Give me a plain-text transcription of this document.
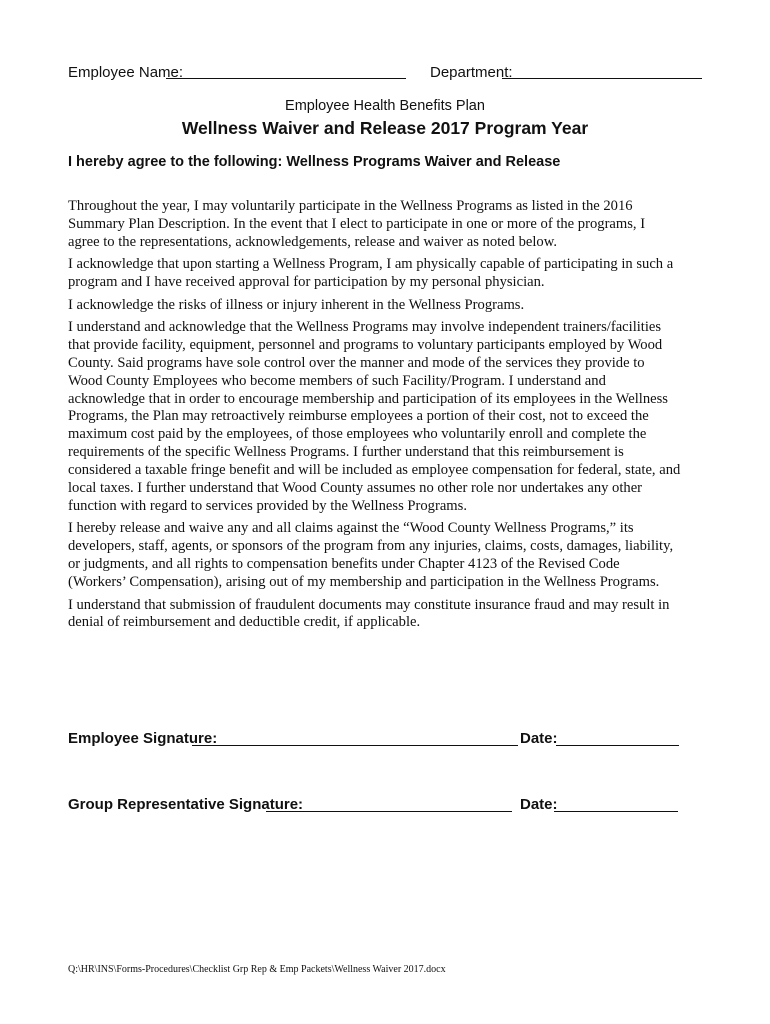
Employee Name:	Department:
Employee Health Benefits Plan
Wellness Waiver and Release 2017 Program Year
I hereby agree to the following: Wellness Programs Waiver and Release

Throughout the year, I may voluntarily participate in the Wellness Programs as listed in the 2016
Summary Plan Description. In the event that I elect to participate in one or more of the programs, I
agree to the representations, acknowledgements, release and waiver as noted below.

I acknowledge that upon starting a Wellness Program, I am physically capable of participating in such a
program and I have received approval for participation by my personal physician.

I acknowledge the risks of illness or injury inherent in the Wellness Programs.

I understand and acknowledge that the Wellness Programs may involve independent trainers/facilities
that provide facility, equipment, personnel and programs to voluntary participants employed by Wood
County. Said programs have sole control over the manner and mode of the services they provide to
Wood County Employees who become members of such Facility/Program. I understand and
acknowledge that in order to encourage membership and participation of its employees in the Wellness
Programs, the Plan may retroactively reimburse employees a portion of their cost, not to exceed the
maximum cost paid by the employees, of those employees who voluntarily enroll and complete the
requirements of the specific Wellness Programs. I further understand that this reimbursement is
considered a taxable fringe benefit and will be included as employee compensation for federal, state, and
local taxes. I further understand that Wood County assumes no other role nor undertakes any other
function with regard to services provided by the Wellness Programs.

I hereby release and waive any and all claims against the “Wood County Wellness Programs,” its
developers, staff, agents, or sponsors of the program from any injuries, claims, costs, damages, liability,
or judgments, and all rights to compensation benefits under Chapter 4123 of the Revised Code
(Workers’ Compensation), arising out of my membership and participation in the Wellness Programs.

I understand that submission of fraudulent documents may constitute insurance fraud and may result in
denial of reimbursement and deductible credit, if applicable.

Employee Signature:	Date:
Group Representative Signature:	Date:
Q:\HR\INS\Forms-Procedures\Checklist Grp Rep & Emp Packets\Wellness Waiver 2017.docx
